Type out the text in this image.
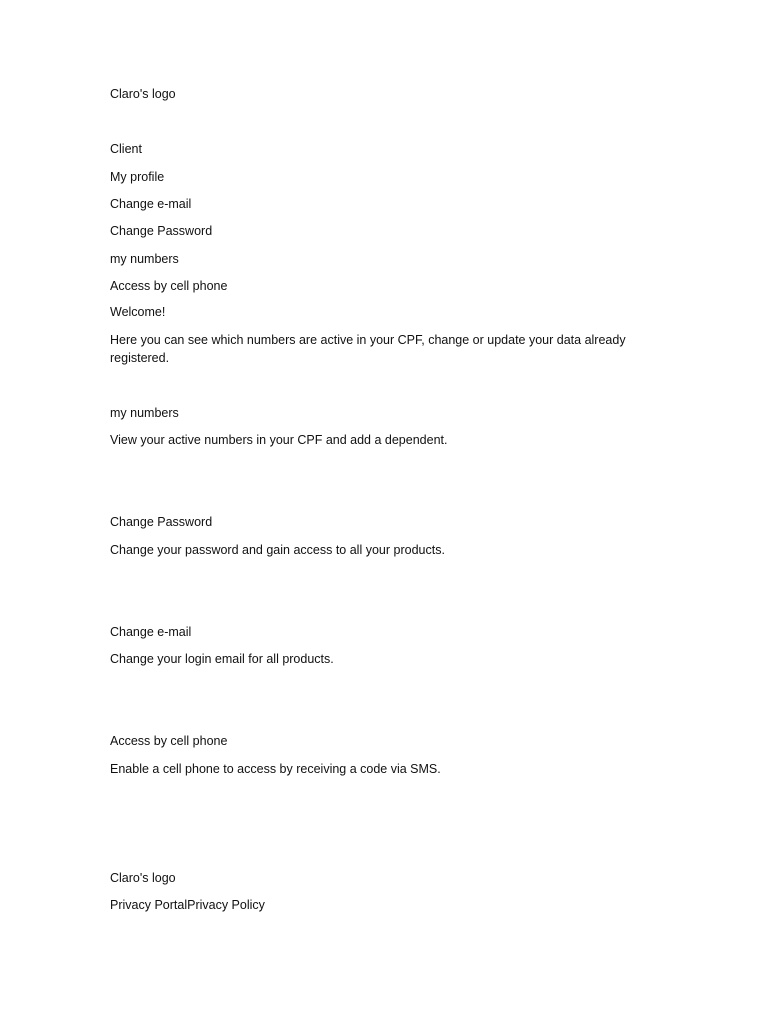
Claro's logo
Client
My profile
Change e-mail
Change Password
my numbers
Access by cell phone
Welcome!
Here you can see which numbers are active in your CPF, change or update your data already registered.
my numbers
View your active numbers in your CPF and add a dependent.
Change Password
Change your password and gain access to all your products.
Change e-mail
Change your login email for all products.
Access by cell phone
Enable a cell phone to access by receiving a code via SMS.
Claro's logo
Privacy PortalPrivacy Policy
